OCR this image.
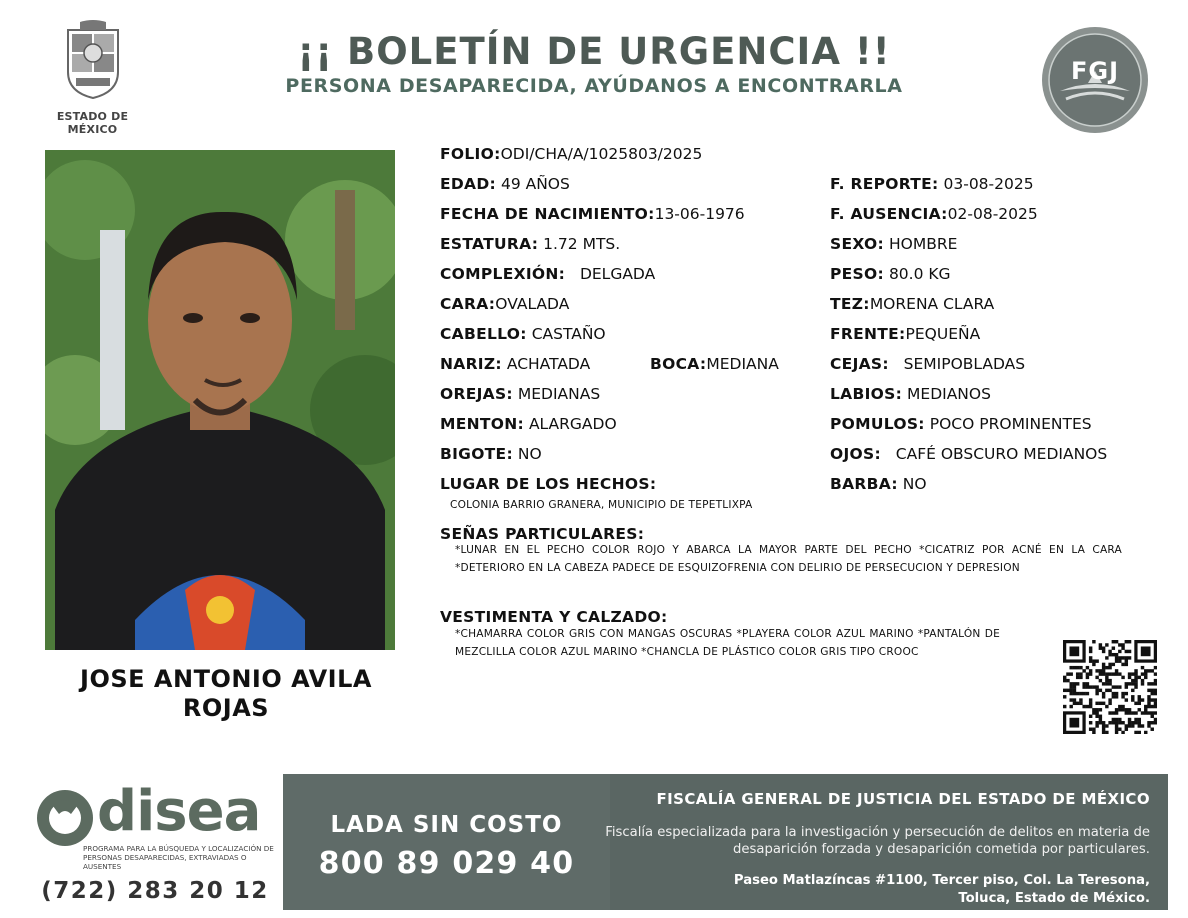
ESTADO DE MÉXICO
¡¡ BOLETÍN DE URGENCIA !!
PERSONA DESAPARECIDA, AYÚDANOS A ENCONTRARLA
FGJ
JOSE ANTONIO AVILA
ROJAS
FOLIO:ODI/CHA/A/1025803/2025
EDAD: 49 AÑOS	F. REPORTE: 03-08-2025
FECHA DE NACIMIENTO:13-06-1976	F. AUSENCIA:02-08-2025
ESTATURA: 1.72 MTS.	SEXO: HOMBRE
COMPLEXIÓN: DELGADA	PESO: 80.0 KG
CARA:OVALADA	TEZ:MORENA CLARA
CABELLO: CASTAÑO	FRENTE:PEQUEÑA
NARIZ: ACHATADA	BOCA:MEDIANA	CEJAS: SEMIPOBLADAS
OREJAS: MEDIANAS	LABIOS: MEDIANOS
MENTON: ALARGADO	POMULOS: POCO PROMINENTES
BIGOTE: NO	OJOS: CAFÉ OBSCURO MEDIANOS
LUGAR DE LOS HECHOS:	BARBA: NO
COLONIA BARRIO GRANERA, MUNICIPIO DE TEPETLIXPA
SEÑAS PARTICULARES:
*LUNAR EN EL PECHO COLOR ROJO Y ABARCA LA MAYOR PARTE DEL PECHO *CICATRIZ POR ACNÉ EN LA CARA *DETERIORO EN LA CABEZA PADECE DE ESQUIZOFRENIA CON DELIRIO DE PERSECUCION Y DEPRESION
VESTIMENTA Y CALZADO:
*CHAMARRA COLOR GRIS CON MANGAS OSCURAS *PLAYERA COLOR AZUL MARINO *PANTALÓN DE MEZCLILLA COLOR AZUL MARINO *CHANCLA DE PLÁSTICO COLOR GRIS TIPO CROOC
disea
PROGRAMA PARA LA BÚSQUEDA Y LOCALIZACIÓN DE PERSONAS DESAPARECIDAS, EXTRAVIADAS O AUSENTES
(722) 283 20 12
LADA SIN COSTO
800 89 029 40
FISCALÍA GENERAL DE JUSTICIA DEL ESTADO DE MÉXICO
Fiscalía especializada para la investigación y persecución de delitos en materia de desaparición forzada y desaparición cometida por particulares.
Paseo Matlazíncas #1100, Tercer piso, Col. La Teresona,
Toluca, Estado de México.
